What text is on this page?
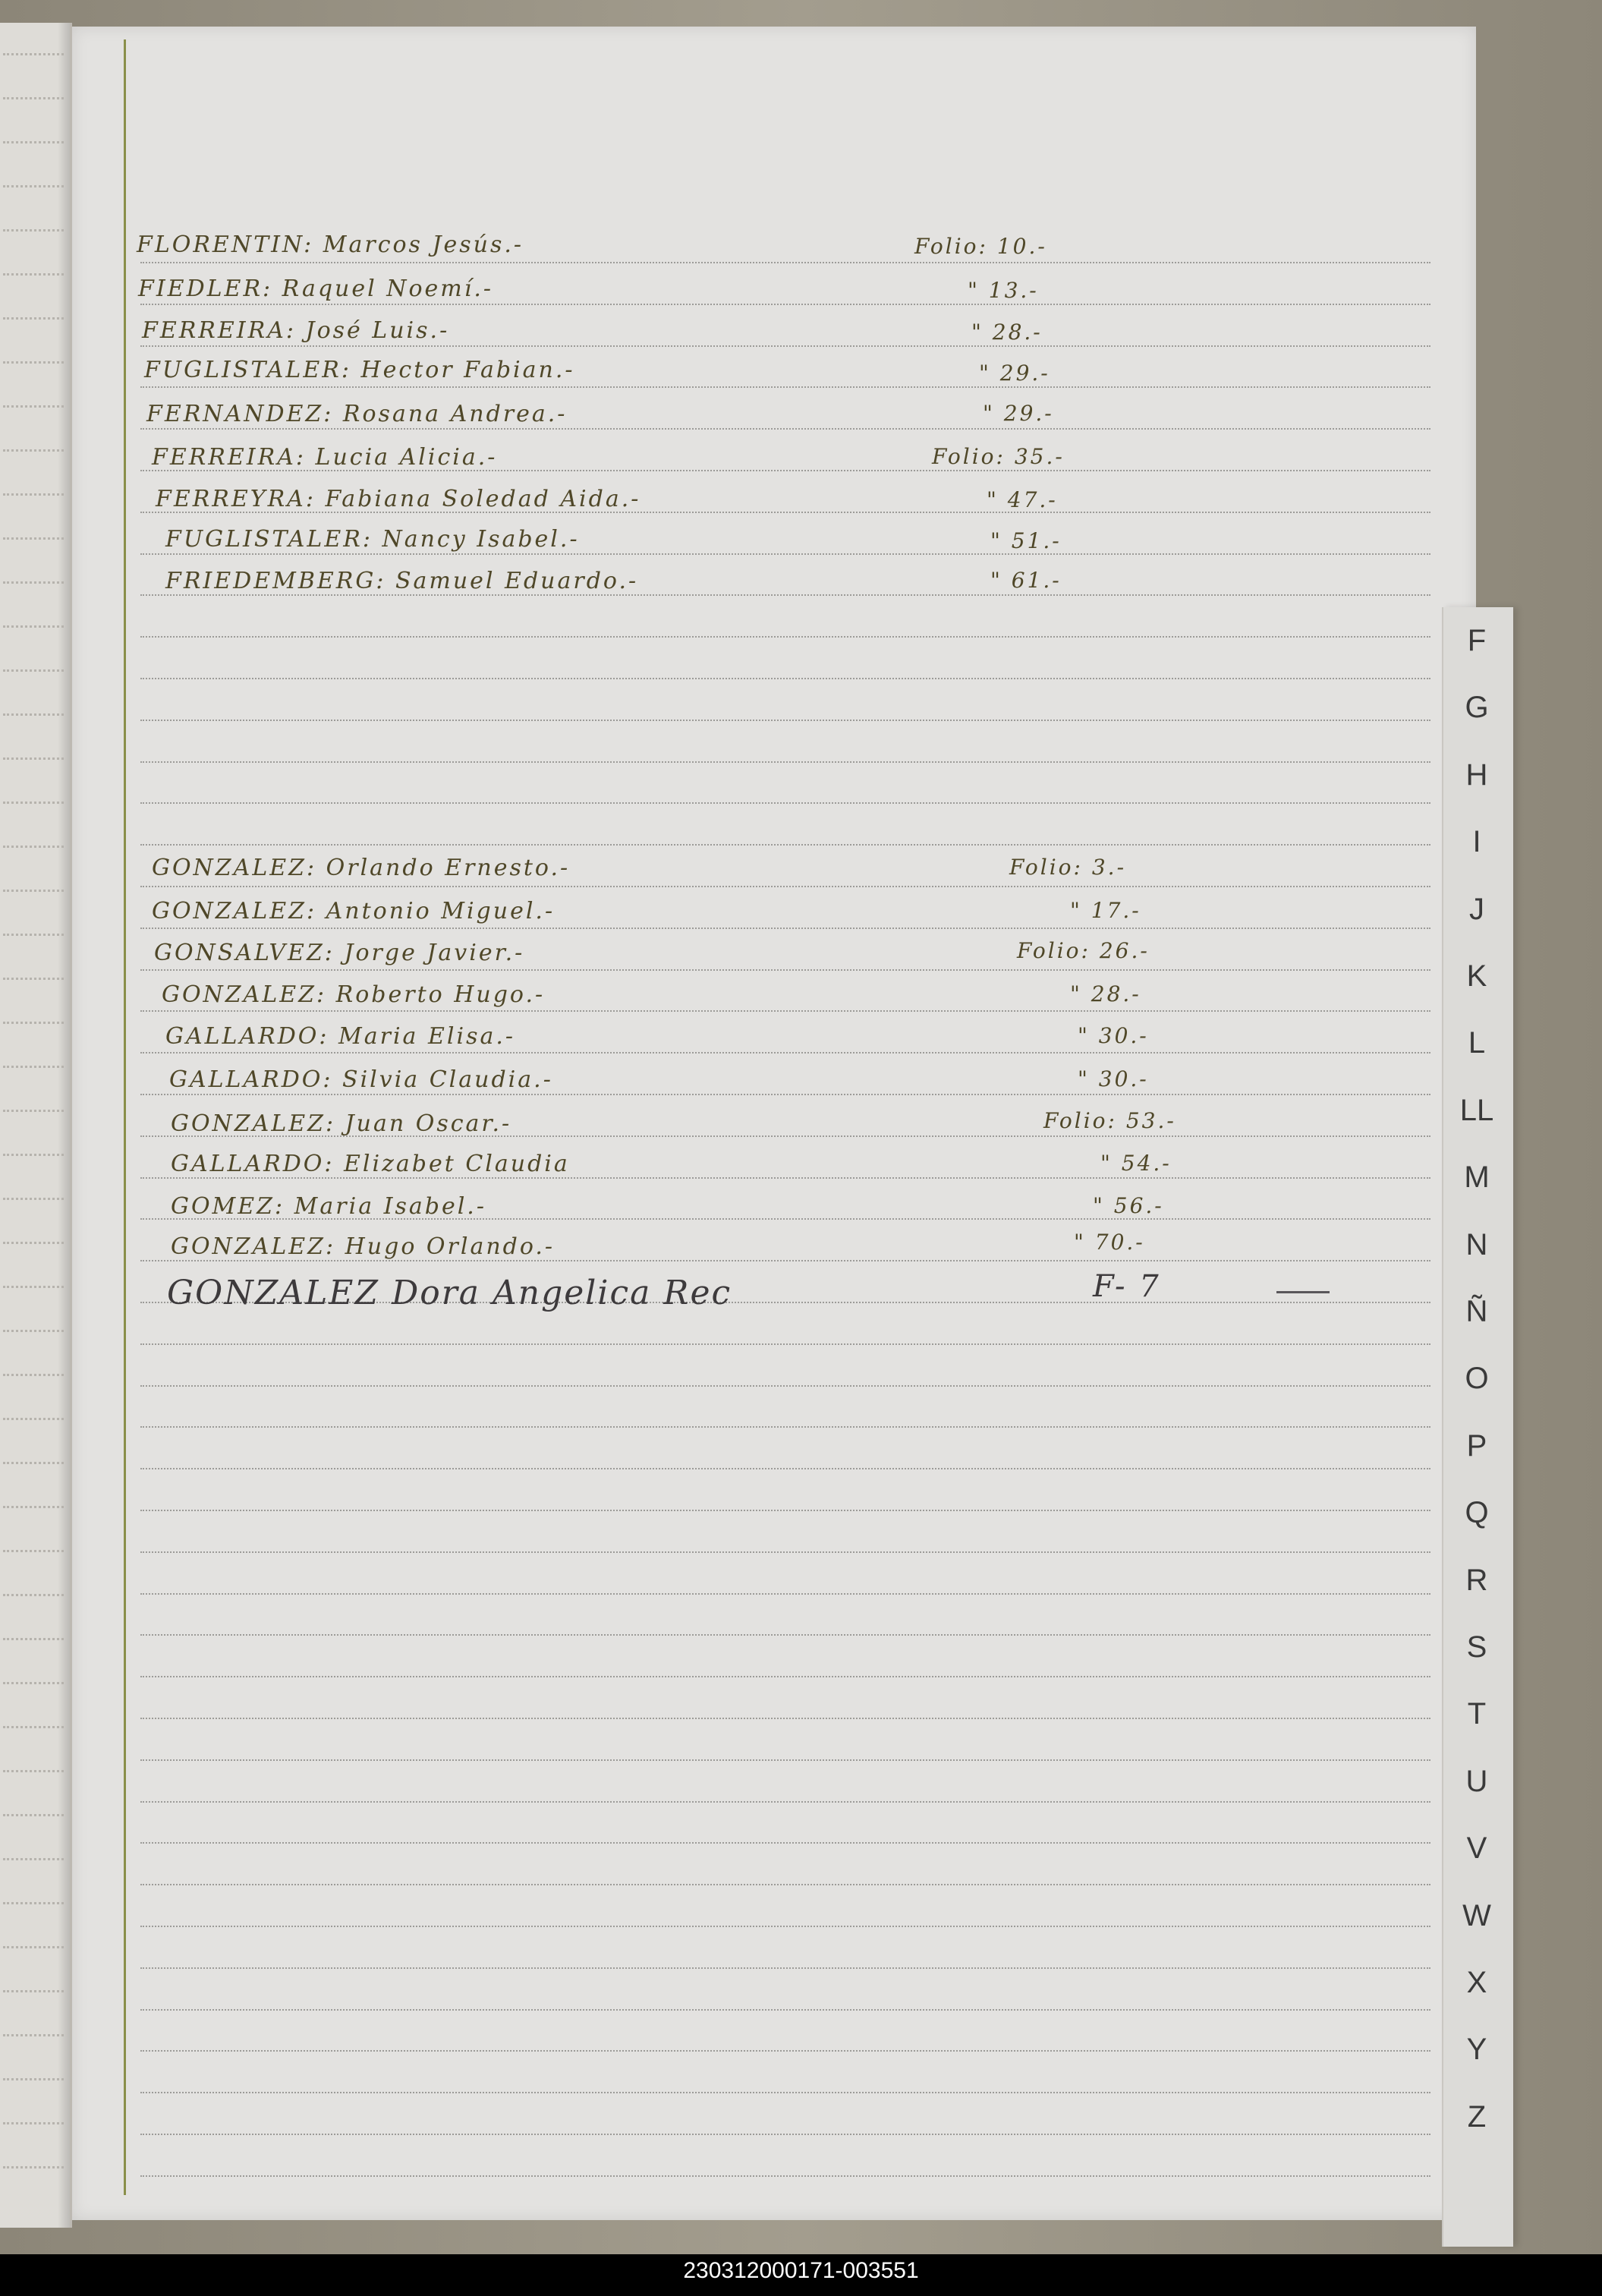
FLORENTIN: Marcos Jesús.-	Folio: 10.-
FIEDLER: Raquel Noemí.-	" 13.-
FERREIRA: José Luis.-	" 28.-
FUGLISTALER: Hector Fabian.-	" 29.-
FERNANDEZ: Rosana Andrea.-	" 29.-
FERREIRA: Lucia Alicia.-	Folio: 35.-
FERREYRA: Fabiana Soledad Aida.-	" 47.-
FUGLISTALER: Nancy Isabel.-	" 51.-
FRIEDEMBERG: Samuel Eduardo.-	" 61.-
GONZALEZ: Orlando Ernesto.-	Folio: 3.-
GONZALEZ: Antonio Miguel.-	" 17.-
GONSALVEZ: Jorge Javier.-	Folio: 26.-
GONZALEZ: Roberto Hugo.-	" 28.-
GALLARDO: Maria Elisa.-	" 30.-
GALLARDO: Silvia Claudia.-	" 30.-
GONZALEZ: Juan Oscar.-	Folio: 53.-
GALLARDO: Elizabet Claudia	" 54.-
GOMEZ: Maria Isabel.-	" 56.-
GONZALEZ: Hugo Orlando.-	" 70.-
GONZALEZ Dora Angelica Rec	F- 7
F
G
H
I
J
K
L
LL
M
N
Ñ
O
P
Q
R
S
T
U
V
W
X
Y
Z
230312000171-003551
